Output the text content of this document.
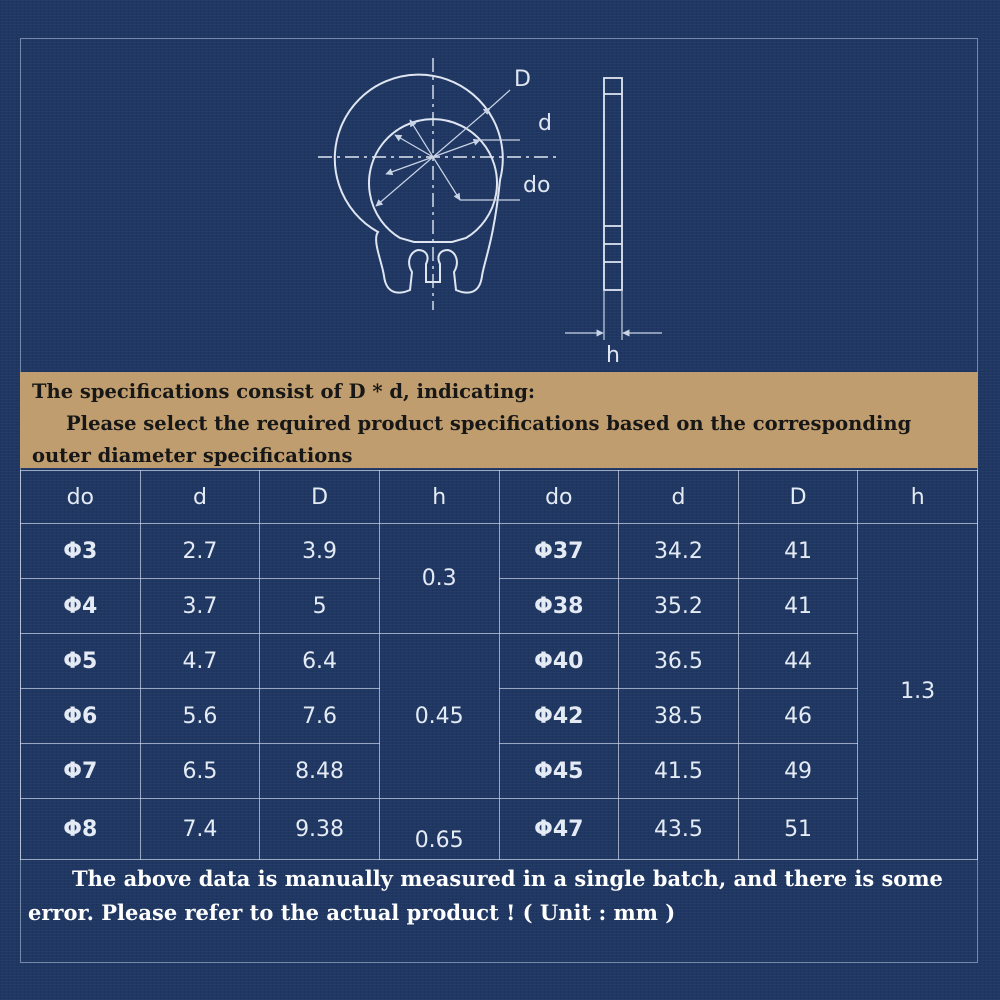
D
d
do
h

The specifications consist of D * d, indicating:

Please select the required product specifications based on the corresponding outer diameter specifications

do	d	D	h	do	d	D	h
Φ3	2.7	3.9	0.3	Φ37	34.2	41	1.3
Φ4	3.7	5		Φ38	35.2	41	
Φ5	4.7	6.4	0.45	Φ40	36.5	44	
Φ6	5.6	7.6		Φ42	38.5	46	
Φ7	6.5	8.48		Φ45	41.5	49	
Φ8	7.4	9.38	0.65	Φ47	43.5	51	

The above data is manually measured in a single batch, and there is some

error. Please refer to the actual product ! ( Unit : mm )
